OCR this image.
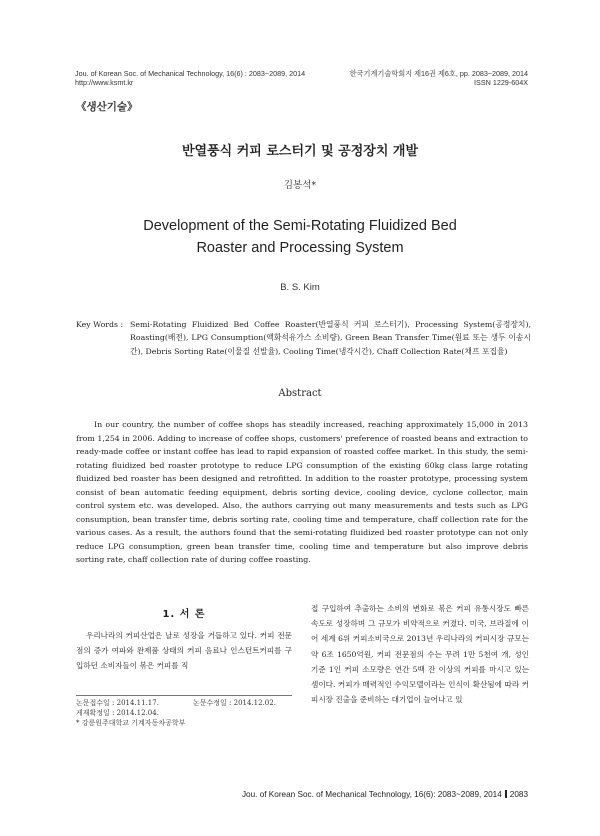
Jou. of Korean Soc. of Mechanical Technology, 16(6) : 2083~2089, 2014
http://www.ksmt.kr
한국기계기술학회지 제16권 제6호, pp. 2083~2089, 2014
ISSN 1229-604X
《생산기술》
반열풍식 커피 로스터기 및 공정장치 개발
김봉석*
Development of the Semi-Rotating Fluidized Bed
Roaster and Processing System
B. S. Kim
Key Words : Semi-Rotating Fluidized Bed Coffee Roaster(반열풍식 커피 로스터기), Processing System(공정장치), Roasting(배전), LPG Consumption(액화석유가스 소비량), Green Bean Transfer Time(원료 또는 생두 이송시간), Debris Sorting Rate(이물질 선발율), Cooling Time(냉각시간), Chaff Collection Rate(채프 포집율)
Abstract

In our country, the number of coffee shops has steadily increased, reaching approximately 15,000 in 2013 from 1,254 in 2006. Adding to increase of coffee shops, customers' preference of roasted beans and extraction to ready-made coffee or instant coffee has lead to rapid expansion of roasted coffee market. In this study, the semi-rotating fluidized bed roaster prototype to reduce LPG consumption of the existing 60kg class large rotating fluidized bed roaster has been designed and retrofitted. In addition to the roaster prototype, processing system consist of bean automatic feeding equipment, debris sorting device, cooling device, cyclone collector, main control system etc. was developed. Also, the authors carrying out many measurements and tests such as LPG consumption, bean transfer time, debris sorting rate, cooling time and temperature, chaff collection rate for the various cases. As a result, the authors found that the semi-rotating fluidized bed roaster prototype can not only reduce LPG consumption, green bean transfer time, cooling time and temperature but also improve debris sorting rate, chaff collection rate of during coffee roasting.

1. 서 론

우리나라의 커피산업은 날로 성장을 거듭하고 있다. 커피 전문점의 증가 여파와 완제품 상태의 커피 음료나 인스턴트커피를 구입하던 소비자들이 볶은 커피를 직

접 구입하여 추출하는 소비의 변화로 볶은 커피 유통시장도 빠른 속도로 성장하며 그 규모가 비약적으로 커졌다. 미국, 브라질에 이어 세계 6위 커피소비국으로 2013년 우리나라의 커피시장 규모는 약 6조 1650억원, 커피 전문점의 수는 무려 1만 5천여 개, 성인 기준 1인 커피 소모량은 연간 5백 잔 이상의 커피를 마시고 있는 셈이다. 커피가 매력적인 수익모델이라는 인식이 확산됨에 따라 커피시장 진출을 준비하는 대기업이 늘어나고 있

논문접수일 : 2014.11.17.	논문수정일 : 2014.12.02.
게재확정일 : 2014.12.04.
* 강릉원주대학교 기계자동차공학부
Jou. of Korean Soc. of Mechanical Technology, 16(6): 2083~2089, 2014 2083
